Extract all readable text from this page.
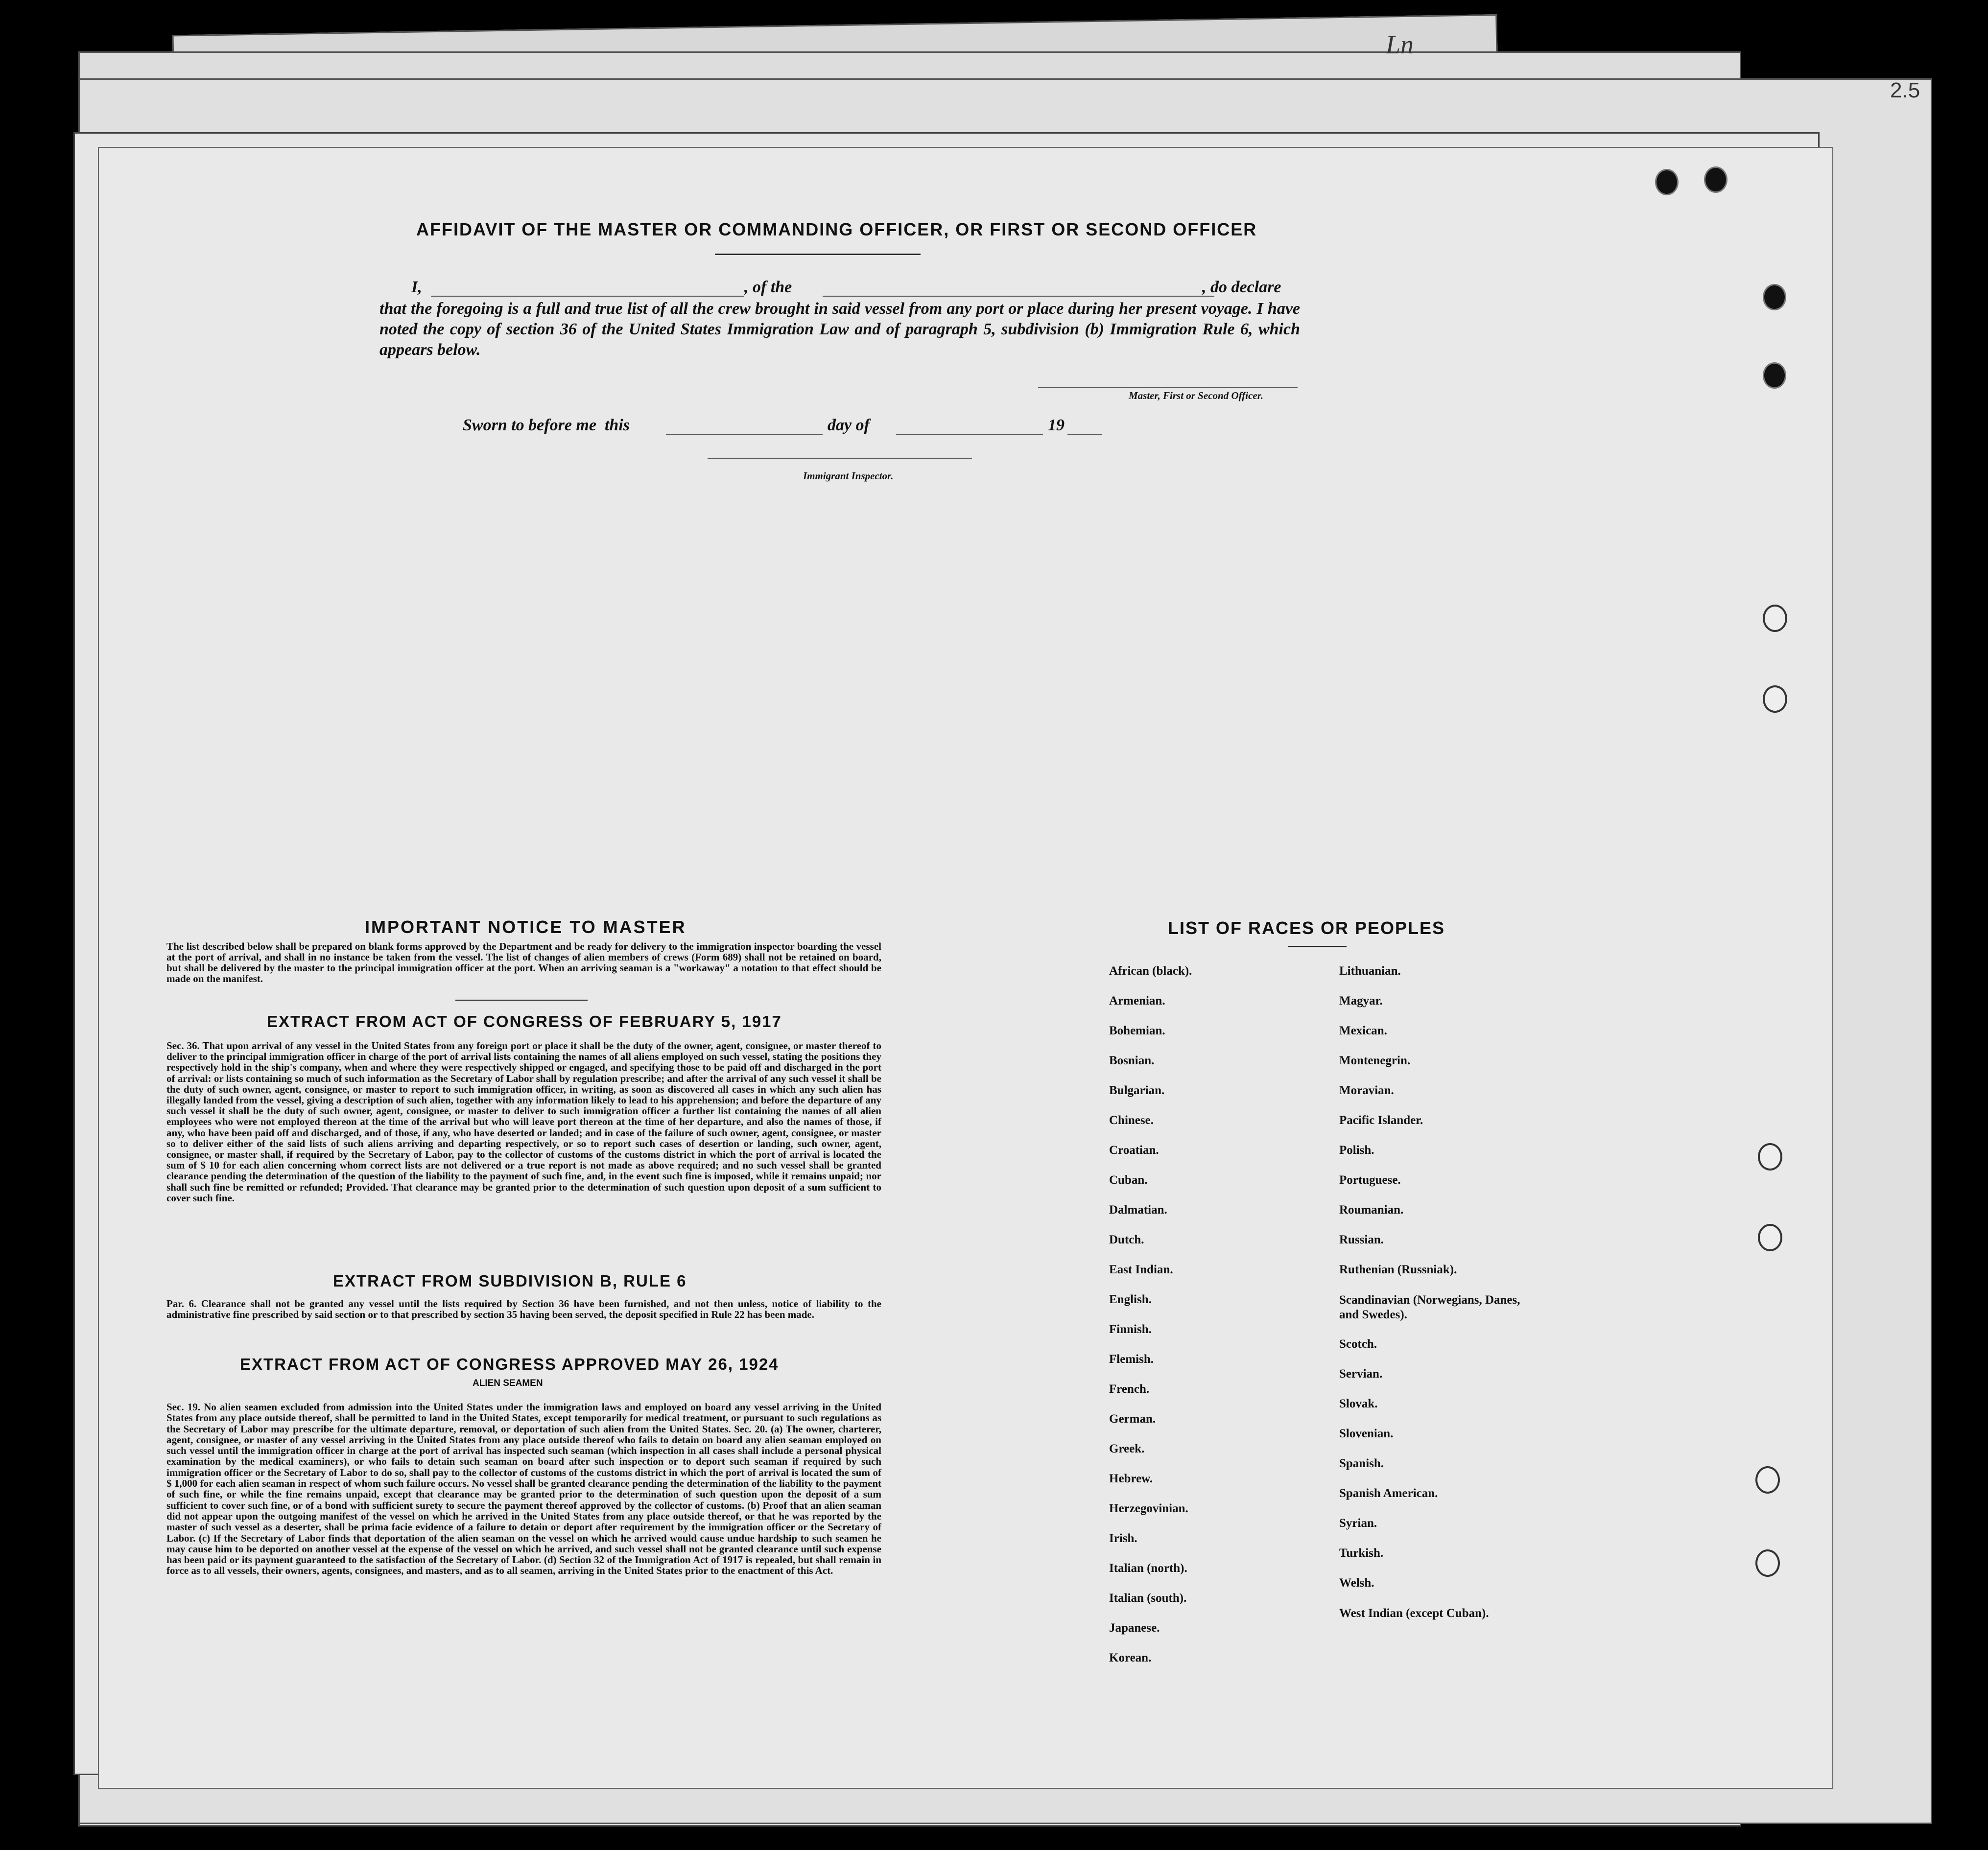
Ln
2.5
AFFIDAVIT OF THE MASTER OR COMMANDING OFFICER, OR FIRST OR SECOND OFFICER
I,	, of the	, do declare
that the foregoing is a full and true list of all the crew brought in said vessel from any port or place during her present voyage. I have noted the copy of section 36 of the United States Immigration Law and of paragraph 5, subdivision (b) Immigration Rule 6, which appears below.
Master, First or Second Officer.
Sworn to before me  this	day of	19
Immigrant Inspector.
IMPORTANT NOTICE TO MASTER
The list described below shall be prepared on blank forms approved by the Department and be ready for delivery to the immigration inspector boarding the vessel at the port of arrival, and shall in no instance be taken from the vessel. The list of changes of alien members of crews (Form 689) shall not be retained on board, but shall be delivered by the master to the principal immigration officer at the port. When an arriving seaman is a "workaway" a notation to that effect should be made on the manifest.
EXTRACT FROM ACT OF CONGRESS OF FEBRUARY 5, 1917
Sec. 36. That upon arrival of any vessel in the United States from any foreign port or place it shall be the duty of the owner, agent, consignee, or master thereof to deliver to the principal immigration officer in charge of the port of arrival lists containing the names of all aliens employed on such vessel, stating the positions they respectively hold in the ship's company, when and where they were respectively shipped or engaged, and specifying those to be paid off and discharged in the port of arrival: or lists containing so much of such information as the Secretary of Labor shall by regulation prescribe; and after the arrival of any such vessel it shall be the duty of such owner, agent, consignee, or master to report to such immigration officer, in writing, as soon as discovered all cases in which any such alien has illegally landed from the vessel, giving a description of such alien, together with any information likely to lead to his apprehension; and before the departure of any such vessel it shall be the duty of such owner, agent, consignee, or master to deliver to such immigration officer a further list containing the names of all alien employees who were not employed thereon at the time of the arrival but who will leave port thereon at the time of her departure, and also the names of those, if any, who have been paid off and discharged, and of those, if any, who have deserted or landed; and in case of the failure of such owner, agent, consignee, or master so to deliver either of the said lists of such aliens arriving and departing respectively, or so to report such cases of desertion or landing, such owner, agent, consignee, or master shall, if required by the Secretary of Labor, pay to the collector of customs of the customs district in which the port of arrival is located the sum of $ 10 for each alien concerning whom correct lists are not delivered or a true report is not made as above required; and no such vessel shall be granted clearance pending the determination of the question of the liability to the payment of such fine, and, in the event such fine is imposed, while it remains unpaid; nor shall such fine be remitted or refunded; Provided. That clearance may be granted prior to the determination of such question upon deposit of a sum sufficient to cover such fine.
EXTRACT FROM SUBDIVISION B, RULE 6
Par. 6. Clearance shall not be granted any vessel until the lists required by Section 36 have been furnished, and not then unless, notice of liability to the administrative fine prescribed by said section or to that prescribed by section 35 having been served, the deposit specified in Rule 22 has been made.
EXTRACT FROM ACT OF CONGRESS APPROVED MAY 26, 1924
ALIEN SEAMEN
Sec. 19. No alien seamen excluded from admission into the United States under the immigration laws and employed on board any vessel arriving in the United States from any place outside thereof, shall be permitted to land in the United States, except temporarily for medical treatment, or pursuant to such regulations as the Secretary of Labor may prescribe for the ultimate departure, removal, or deportation of such alien from the United States. Sec. 20. (a) The owner, charterer, agent, consignee, or master of any vessel arriving in the United States from any place outside thereof who fails to detain on board any alien seaman employed on such vessel until the immigration officer in charge at the port of arrival has inspected such seaman (which inspection in all cases shall include a personal physical examination by the medical examiners), or who fails to detain such seaman on board after such inspection or to deport such seaman if required by such immigration officer or the Secretary of Labor to do so, shall pay to the collector of customs of the customs district in which the port of arrival is located the sum of $ 1,000 for each alien seaman in respect of whom such failure occurs. No vessel shall be granted clearance pending the determination of the liability to the payment of such fine, or while the fine remains unpaid, except that clearance may be granted prior to the determination of such question upon the deposit of a sum sufficient to cover such fine, or of a bond with sufficient surety to secure the payment thereof approved by the collector of customs. (b) Proof that an alien seaman did not appear upon the outgoing manifest of the vessel on which he arrived in the United States from any place outside thereof, or that he was reported by the master of such vessel as a deserter, shall be prima facie evidence of a failure to detain or deport after requirement by the immigration officer or the Secretary of Labor. (c) If the Secretary of Labor finds that deportation of the alien seaman on the vessel on which he arrived would cause undue hardship to such seamen he may cause him to be deported on another vessel at the expense of the vessel on which he arrived, and such vessel shall not be granted clearance until such expense has been paid or its payment guaranteed to the satisfaction of the Secretary of Labor. (d) Section 32 of the Immigration Act of 1917 is repealed, but shall remain in force as to all vessels, their owners, agents, consignees, and masters, and as to all seamen, arriving in the United States prior to the enactment of this Act.
LIST OF RACES OR PEOPLES
African (black).
Armenian.
Bohemian.
Bosnian.
Bulgarian.
Chinese.
Croatian.
Cuban.
Dalmatian.
Dutch.
East Indian.
English.
Finnish.
Flemish.
French.
German.
Greek.
Hebrew.
Herzegovinian.
Irish.
Italian (north).
Italian (south).
Japanese.
Korean.
Lithuanian.
Magyar.
Mexican.
Montenegrin.
Moravian.
Pacific Islander.
Polish.
Portuguese.
Roumanian.
Russian.
Ruthenian (Russniak).
Scandinavian (Norwegians, Danes, and Swedes).
Scotch.
Servian.
Slovak.
Slovenian.
Spanish.
Spanish American.
Syrian.
Turkish.
Welsh.
West Indian (except Cuban).
